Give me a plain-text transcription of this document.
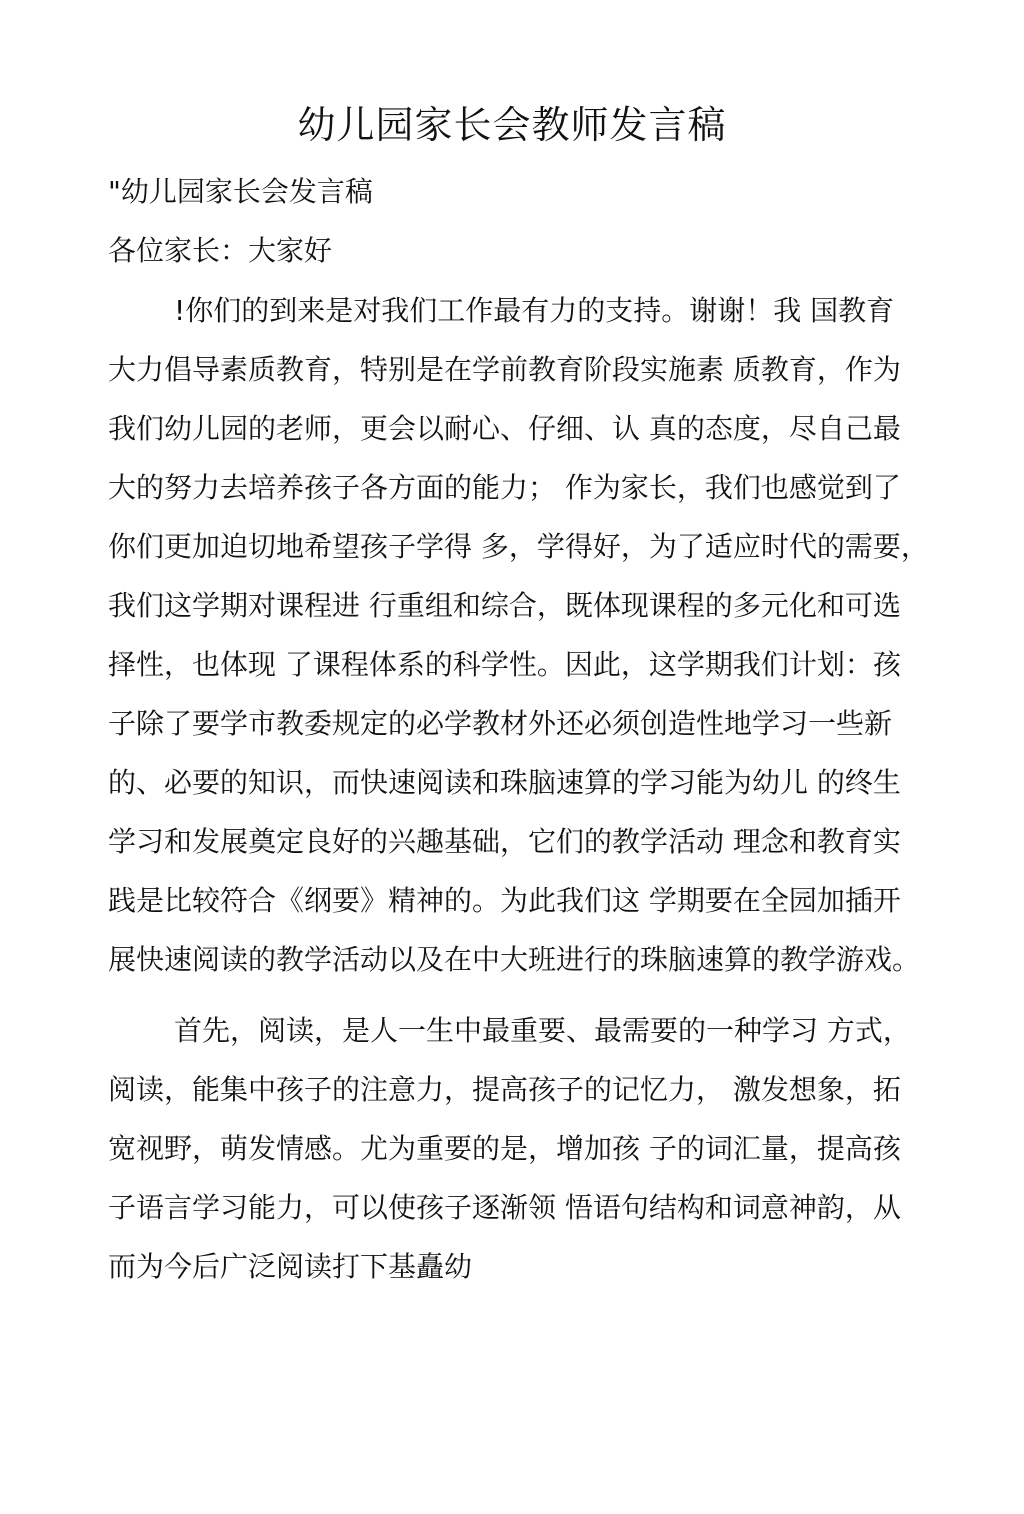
幼儿园家长会教师发言稿

"幼儿园家长会发言稿

各位家长：大家好

!你们的到来是对我们工作最有力的支持。谢谢！我 国教育
大力倡导素质教育，特别是在学前教育阶段实施素 质教育，作为
我们幼儿园的老师，更会以耐心、仔细、认 真的态度，尽自己最
大的努力去培养孩子各方面的能力； 作为家长，我们也感觉到了
你们更加迫切地希望孩子学得 多，学得好，为了适应时代的需要，
我们这学期对课程进 行重组和综合，既体现课程的多元化和可选
择性，也体现 了课程体系的科学性。因此，这学期我们计划：孩
子除了要学市教委规定的必学教材外还必须创造性地学习一些新
的、必要的知识，而快速阅读和珠脑速算的学习能为幼儿 的终生
学习和发展奠定良好的兴趣基础，它们的教学活动 理念和教育实
践是比较符合《纲要》精神的。为此我们这 学期要在全园加插开
展快速阅读的教学活动以及在中大班进行的珠脑速算的教学游戏。
首先，阅读，是人一生中最重要、最需要的一种学习 方式，
阅读，能集中孩子的注意力，提高孩子的记忆力， 激发想象，拓
宽视野，萌发情感。尤为重要的是，增加孩 子的词汇量，提高孩
子语言学习能力，可以使孩子逐渐领 悟语句结构和词意神韵，从
而为今后广泛阅读打下基矗幼
